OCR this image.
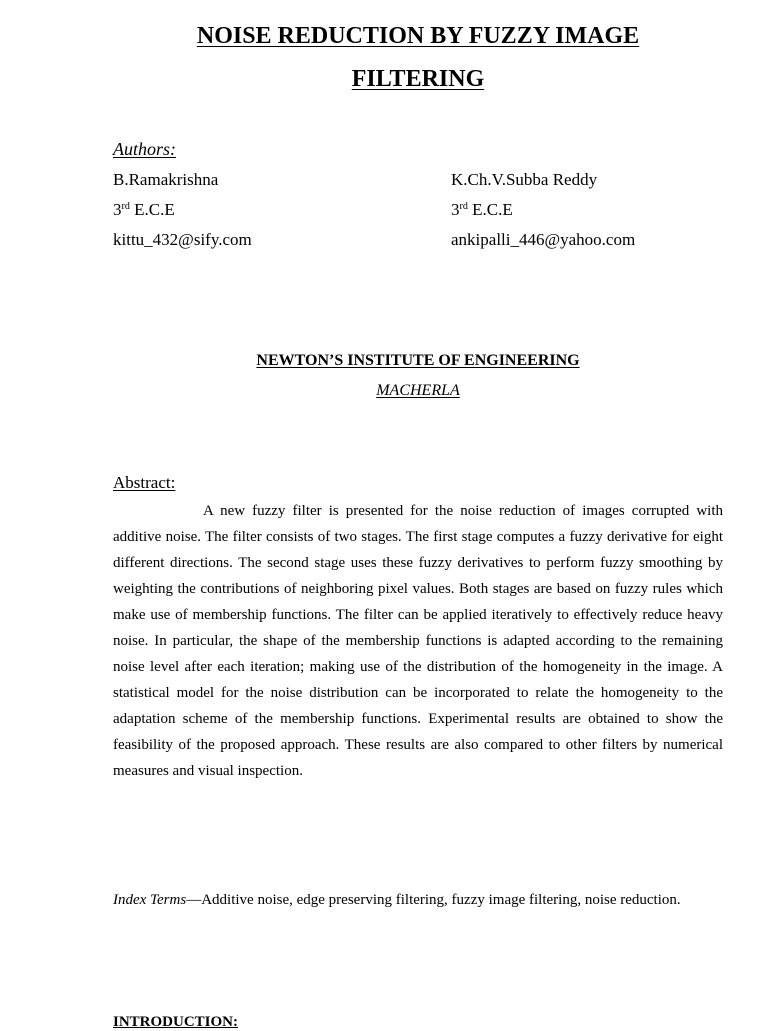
NOISE REDUCTION BY FUZZY IMAGE
FILTERING
Authors:
B.Ramakrishna
3rd E.C.E
kittu_432@sify.com
K.Ch.V.Subba Reddy
3rd E.C.E
ankipalli_446@yahoo.com
NEWTON’S INSTITUTE OF ENGINEERING
MACHERLA
Abstract:

A new fuzzy filter is presented for the noise reduction of images corrupted with additive noise. The filter consists of two stages. The first stage computes a fuzzy derivative for eight different directions. The second stage uses these fuzzy derivatives to perform fuzzy smoothing by weighting the contributions of neighboring pixel values. Both stages are based on fuzzy rules which make use of membership functions. The filter can be applied iteratively to effectively reduce heavy noise. In particular, the shape of the membership functions is adapted according to the remaining noise level after each iteration; making use of the distribution of the homogeneity in the image. A statistical model for the noise distribution can be incorporated to relate the homogeneity to the adaptation scheme of the membership functions. Experimental results are obtained to show the feasibility of the proposed approach. These results are also compared to other filters by numerical measures and visual inspection.

Index Terms—Additive noise, edge preserving filtering, fuzzy image filtering, noise reduction.
INTRODUCTION:
